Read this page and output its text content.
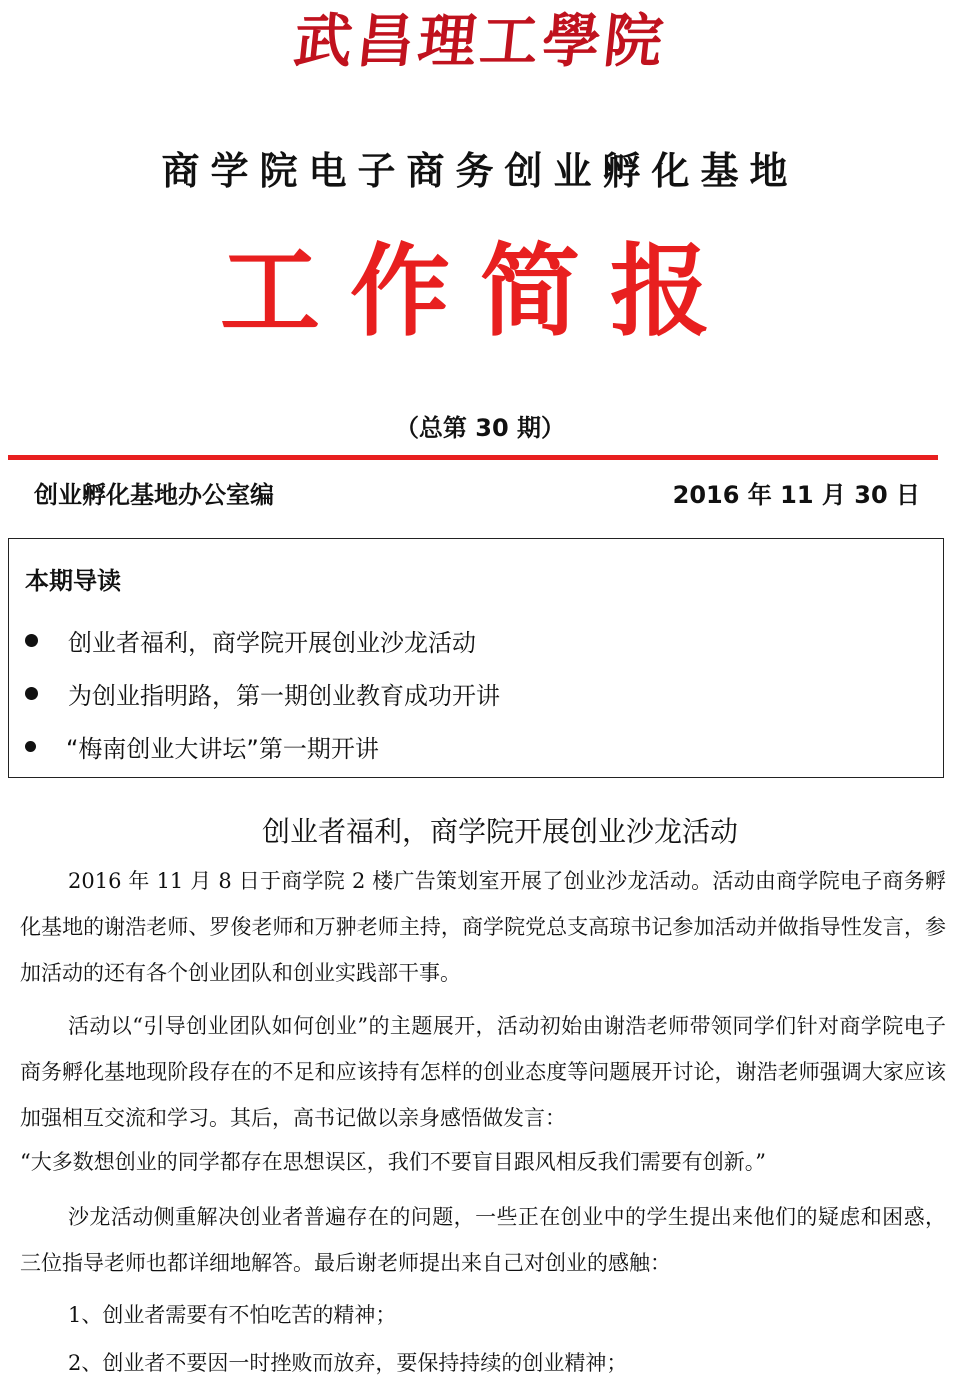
武昌理工學院
商学院电子商务创业孵化基地
工作简报
（总第 30 期）
创业孵化基地办公室编	2016 年 11 月 30 日
本期导读
创业者福利，商学院开展创业沙龙活动
为创业指明路，第一期创业教育成功开讲
“梅南创业大讲坛”第一期开讲
创业者福利，商学院开展创业沙龙活动
2016 年 11 月 8 日于商学院 2 楼广告策划室开展了创业沙龙活动。活动由商学院电子商务孵化基地的谢浩老师、罗俊老师和万翀老师主持，商学院党总支高琼书记参加活动并做指导性发言，参加活动的还有各个创业团队和创业实践部干事。
活动以“引导创业团队如何创业”的主题展开，活动初始由谢浩老师带领同学们针对商学院电子商务孵化基地现阶段存在的不足和应该持有怎样的创业态度等问题展开讨论，谢浩老师强调大家应该加强相互交流和学习。其后，高书记做以亲身感悟做发言：
“大多数想创业的同学都存在思想误区，我们不要盲目跟风相反我们需要有创新。”
沙龙活动侧重解决创业者普遍存在的问题，一些正在创业中的学生提出来他们的疑虑和困惑，三位指导老师也都详细地解答。最后谢老师提出来自己对创业的感触：
1、创业者需要有不怕吃苦的精神；
2、创业者不要因一时挫败而放弃，要保持持续的创业精神；
